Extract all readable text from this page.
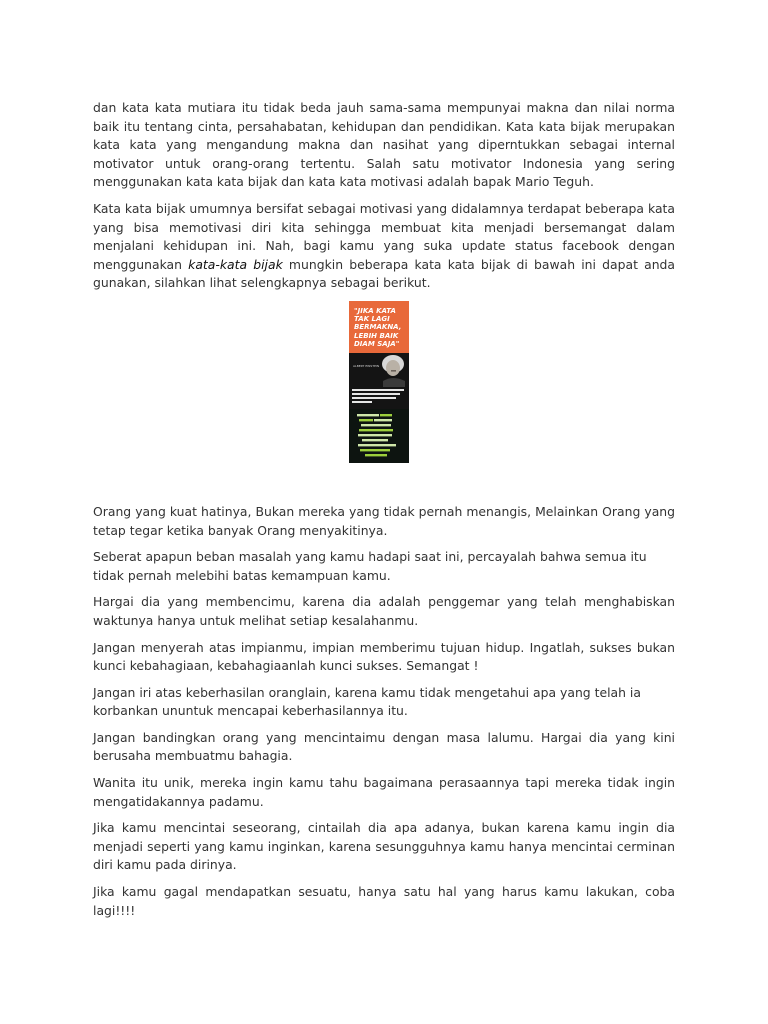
dan kata kata mutiara itu tidak beda jauh sama-sama mempunyai makna dan nilai norma baik itu tentang cinta, persahabatan, kehidupan dan pendidikan. Kata kata bijak merupakan kata kata yang mengandung makna dan nasihat yang diperntukkan sebagai internal motivator untuk orang-orang tertentu. Salah satu motivator Indonesia yang sering menggunakan kata kata bijak dan kata kata motivasi adalah bapak Mario Teguh.

Kata kata bijak umumnya bersifat sebagai motivasi yang didalamnya terdapat beberapa kata yang bisa memotivasi diri kita sehingga membuat kita menjadi bersemangat dalam menjalani kehidupan ini. Nah, bagi kamu yang suka update status facebook dengan menggunakan kata-kata bijak mungkin beberapa kata kata bijak di bawah ini dapat anda gunakan, silahkan lihat selengkapnya sebagai berikut.

"JIKA KATA
TAK LAGI
BERMAKNA,
LEBIH BAIK
DIAM SAJA"
ALBERT EINSTEIN

Orang yang kuat hatinya, Bukan mereka yang tidak pernah menangis, Melainkan Orang yang tetap tegar ketika banyak Orang menyakitinya.

Seberat apapun beban masalah yang kamu hadapi saat ini, percayalah bahwa semua itu tidak pernah melebihi batas kemampuan kamu.

Hargai dia yang membencimu, karena dia adalah penggemar yang telah menghabiskan waktunya hanya untuk melihat setiap kesalahanmu.

Jangan menyerah atas impianmu, impian memberimu tujuan hidup. Ingatlah, sukses bukan kunci kebahagiaan, kebahagiaanlah kunci sukses. Semangat !

Jangan iri atas keberhasilan oranglain, karena kamu tidak mengetahui apa yang telah ia korbankan ununtuk mencapai keberhasilannya itu.

Jangan bandingkan orang yang mencintaimu dengan masa lalumu. Hargai dia yang kini berusaha membuatmu bahagia.

Wanita itu unik, mereka ingin kamu tahu bagaimana perasaannya tapi mereka tidak ingin mengatidakannya padamu.

Jika kamu mencintai seseorang, cintailah dia apa adanya, bukan karena kamu ingin dia menjadi seperti yang kamu inginkan, karena sesungguhnya kamu hanya mencintai cerminan diri kamu pada dirinya.

Jika kamu gagal mendapatkan sesuatu, hanya satu hal yang harus kamu lakukan, coba lagi!!!!
